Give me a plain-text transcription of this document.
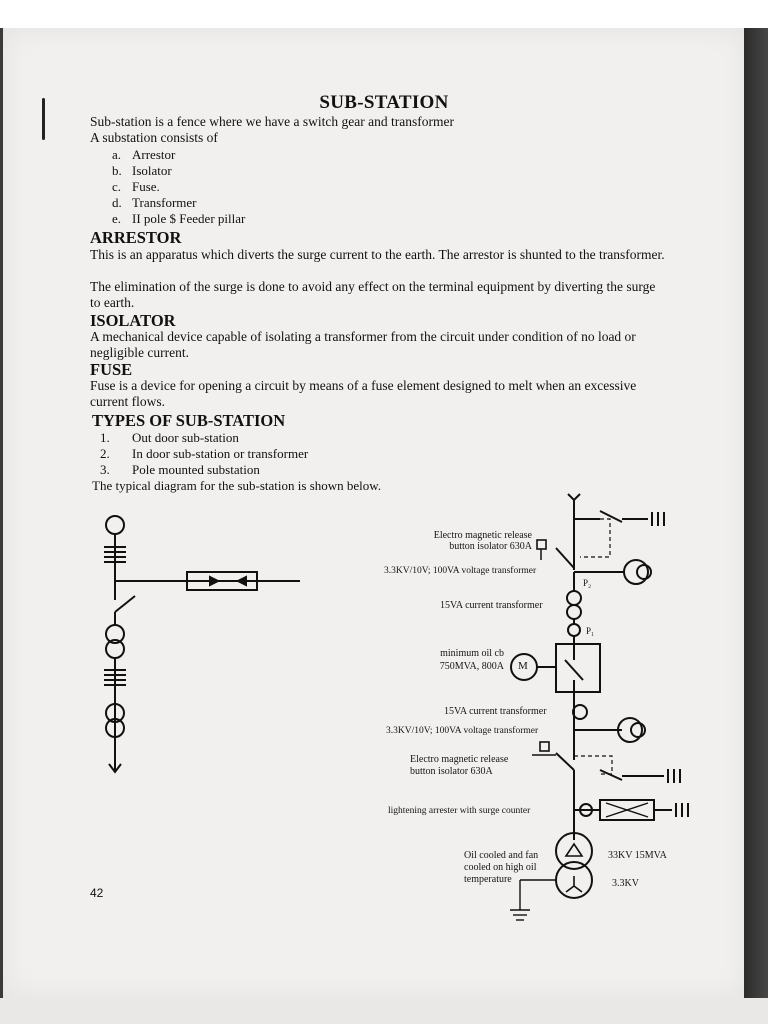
SUB-STATION
Sub-station is a fence where we have a switch gear and transformer
A substation consists of
a. Arrestor
b. Isolator
c. Fuse.
d. Transformer
e. II pole $ Feeder pillar
ARRESTOR
This is an apparatus which diverts the surge current to the earth. The arrestor is shunted to the transformer.
The elimination of the surge is done to avoid any effect on the terminal equipment by diverting the surge to earth.
ISOLATOR
A mechanical device capable of isolating a transformer from the circuit under condition of no load or negligible current.
FUSE
Fuse is a device for opening a circuit by means of a fuse element designed to melt when an excessive current flows.
TYPES OF SUB-STATION
1. Out door sub-station
2. In door sub-station or transformer
3. Pole mounted substation
The typical diagram for the sub-station is shown below.
Electro magnetic release
button isolator 630A
3.3KV/10V; 100VA voltage transformer
P₂
15VA current transformer
P₁
minimum oil cb
750MVA, 800A M
15VA current transformer
3.3KV/10V; 100VA voltage transformer
Electro magnetic release
button isolator 630A
lightening arrester with surge counter
Oil cooled and fan
cooled on high oil
temperature
33KV 15MVA
3.3KV
42
